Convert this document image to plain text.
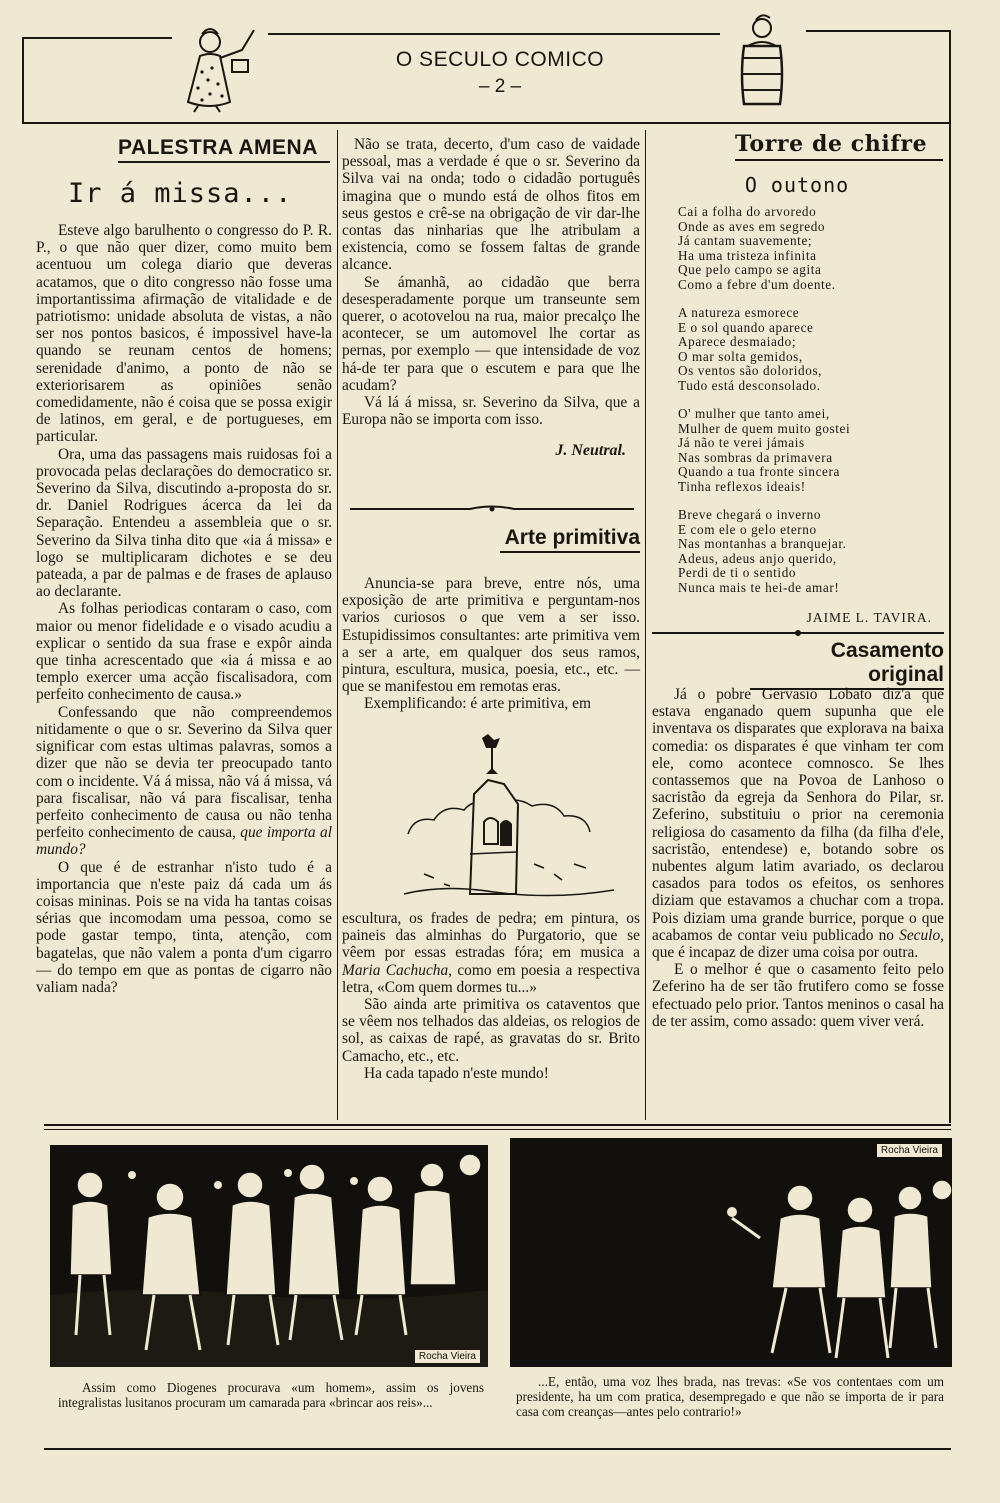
O SECULO COMICO
– 2 –
PALESTRA AMENA
Ir á missa...

Esteve algo barulhento o congresso do P. R. P., o que não quer dizer, como muito bem acentuou um colega diario que deveras acatamos, que o dito congresso não fosse uma importantissima afirmação de vitalidade e de patriotismo: unidade absoluta de vistas, a não ser nos pontos basicos, é impossivel have-la quando se reunam centos de homens; serenidade d'animo, a ponto de não se exteriorisarem as opiniões senão comedidamente, não é coisa que se possa exigir de latinos, em geral, e de portugueses, em particular.

Ora, uma das passagens mais ruidosas foi a provocada pelas declarações do democratico sr. Severino da Silva, discutindo a-proposta do sr. dr. Daniel Rodrigues ácerca da lei da Separação. Entendeu a assembleia que o sr. Severino da Silva tinha dito que «ia á missa» e logo se multiplicaram dichotes e se deu pateada, a par de palmas e de frases de aplauso ao declarante.

As folhas periodicas contaram o caso, com maior ou menor fidelidade e o visado acudiu a explicar o sentido da sua frase e expôr ainda que tinha acrescentado que «ia á missa e ao templo exercer uma acção fiscalisadora, com perfeito conhecimento de causa.»

Confessando que não compreendemos nitidamente o que o sr. Severino da Silva quer significar com estas ultimas palavras, somos a dizer que não se devia ter preocupado tanto com o incidente. Vá á missa, não vá á missa, vá para fiscalisar, não vá para fiscalisar, tenha perfeito conhecimento de causa ou não tenha perfeito conhecimento de causa, que importa al mundo?

O que é de estranhar n'isto tudo é a importancia que n'este paiz dá cada um ás coisas mininas. Pois se na vida ha tantas coisas sérias que incomodam uma pessoa, como se pode gastar tempo, tinta, atenção, com bagatelas, que não valem a ponta d'um cigarro — do tempo em que as pontas de cigarro não valiam nada?

Não se trata, decerto, d'um caso de vaidade pessoal, mas a verdade é que o sr. Severino da Silva vai na onda; todo o cidadão português imagina que o mundo está de olhos fitos em seus gestos e crê-se na obrigação de vir dar-lhe contas das ninharias que lhe atribulam a existencia, como se fossem faltas de grande alcance.

Se ámanhã, ao cidadão que berra desesperadamente porque um transeunte sem querer, o acotovelou na rua, maior precalço lhe acontecer, se um automovel lhe cortar as pernas, por exemplo — que intensidade de voz há-de ter para que o escutem e para que lhe acudam?

Vá lá á missa, sr. Severino da Silva, que a Europa não se importa com isso.

J. Neutral.
Arte primitiva

Anuncia-se para breve, entre nós, uma exposição de arte primitiva e perguntam-nos varios curiosos o que vem a ser isso. Estupidissimos consultantes: arte primitiva vem a ser a arte, em qualquer dos seus ramos, pintura, escultura, musica, poesia, etc., etc. — que se manifestou em remotas eras.

Exemplificando: é arte primitiva, em

escultura, os frades de pedra; em pintura, os paineis das alminhas do Purgatorio, que se vêem por essas estradas fóra; em musica a Maria Cachucha, como em poesia a respectiva letra, «Com quem dormes tu...»

São ainda arte primitiva os cataventos que se vêem nos telhados das aldeias, os relogios de sol, as caixas de rapé, as gravatas do sr. Brito Camacho, etc., etc.

Ha cada tapado n'este mundo!

Torre de chifre
O outono
Cai a folha do arvoredo
Onde as aves em segredo
Já cantam suavemente;
Ha uma tristeza infinita
Que pelo campo se agita
Como a febre d'um doente.
A natureza esmorece
E o sol quando aparece
Aparece desmaiado;
O mar solta gemidos,
Os ventos são doloridos,
Tudo está desconsolado.
O' mulher que tanto amei,
Mulher de quem muito gostei
Já não te verei jámais
Nas sombras da primavera
Quando a tua fronte sincera
Tinha reflexos ideais!
Breve chegará o inverno
E com ele o gelo eterno
Nas montanhas a branquejar.
Adeus, adeus anjo querido,
Perdi de ti o sentido
Nunca mais te hei-de amar!
JAIME L. TAVIRA.
Casamento original

Já o pobre Gervasio Lobato diz'a que estava enganado quem supunha que ele inventava os disparates que explorava na baixa comedia: os disparates é que vinham ter com ele, como acontece comnosco. Se lhes contassemos que na Povoa de Lanhoso o sacristão da egreja da Senhora do Pilar, sr. Zeferino, substituiu o prior na ceremonia religiosa do casamento da filha (da filha d'ele, sacristão, entendese) e, botando sobre os nubentes algum latim avariado, os declarou casados para todos os efeitos, os senhores diziam que estavamos a chuchar com a tropa. Pois diziam uma grande burrice, porque o que acabamos de contar veiu publicado no Seculo, que é incapaz de dizer uma coisa por outra.

E o melhor é que o casamento feito pelo Zeferino ha de ser tão frutifero como se fosse efectuado pelo prior. Tantos meninos o casal ha de ter assim, como assado: quem viver verá.

Rocha Vieira
Rocha Vieira
Assim como Diogenes procurava «um homem», assim os jovens integralistas lusitanos procuram um camarada para «brincar aos reis»...
...E, então, uma voz lhes brada, nas trevas: «Se vos contentaes com um presidente, ha um com pratica, desempregado e que não se importa de ir para casa com creanças—antes pelo contrario!»
